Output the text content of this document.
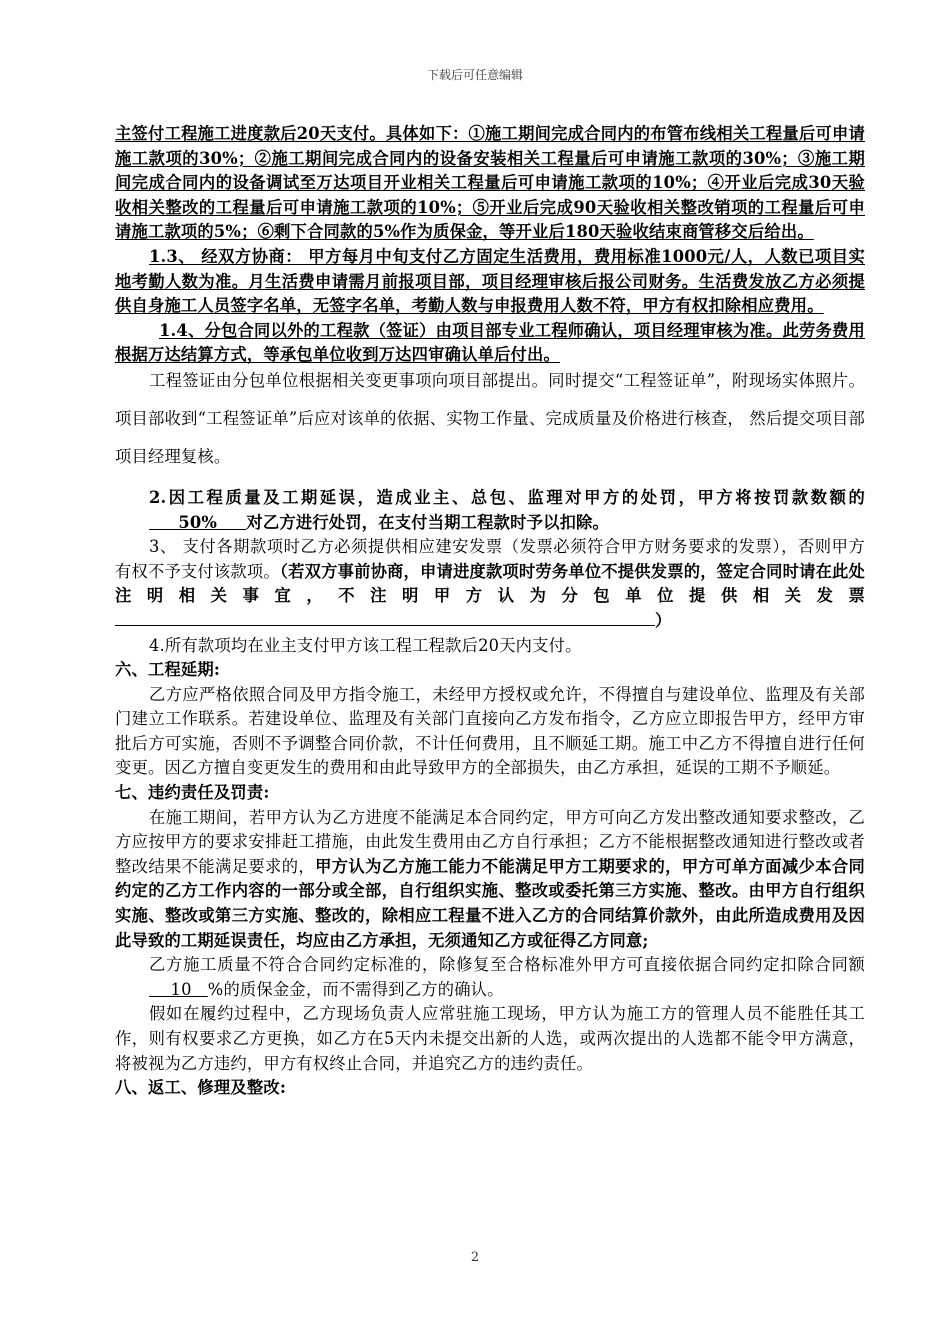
下载后可任意编辑

主签付工程施工进度款后20天支付。具体如下：①施工期间完成合同内的布管布线相关工程量后可申请施工款项的30%；②施工期间完成合同内的设备安装相关工程量后可申请施工款项的30%；③施工期间完成合同内的设备调试至万达项目开业相关工程量后可申请施工款项的10%；④开业后完成30天验收相关整改的工程量后可申请施工款项的10%；⑤开业后完成90天验收相关整改销项的工程量后可申请施工款项的5%；⑥剩下合同款的5%作为质保金，等开业后180天验收结束商管移交后给出。

1.3、 经双方协商： 甲方每月中旬支付乙方固定生活费用，费用标准1000元/人，人数已项目实地考勤人数为准。月生活费申请需月前报项目部，项目经理审核后报公司财务。生活费发放乙方必须提供自身施工人员签字名单，无签字名单，考勤人数与申报费用人数不符，甲方有权扣除相应费用。

1.4、分包合同以外的工程款（签证）由项目部专业工程师确认，项目经理审核为准。此劳务费用根据万达结算方式，等承包单位收到万达四审确认单后付出。

工程签证由分包单位根据相关变更事项向项目部提出。同时提交“工程签证单”，附现场实体照片。项目部收到“工程签证单”后应对该单的依据、实物工作量、完成质量及价格进行核查， 然后提交项目部项目经理复核。

2.因工程质量及工期延误，造成业主、总包、监理对甲方的处罚，甲方将按罚款数额的     50% 对乙方进行处罚，在支付当期工程款时予以扣除。

3、 支付各期款项时乙方必须提供相应建安发票（发票必须符合甲方财务要求的发票），否则甲方有权不予支付该款项。（若双方事前协商，申请进度款项时劳务单位不提供发票的，签定合同时请在此处注明相关事宜，不注明甲方认为分包单位提供相关发票）

4.所有款项均在业主支付甲方该工程工程款后20天内支付。

六、工程延期:

乙方应严格依照合同及甲方指令施工，未经甲方授权或允许，不得擅自与建设单位、监理及有关部门建立工作联系。若建设单位、监理及有关部门直接向乙方发布指令，乙方应立即报告甲方，经甲方审批后方可实施，否则不予调整合同价款，不计任何费用，且不顺延工期。施工中乙方不得擅自进行任何变更。因乙方擅自变更发生的费用和由此导致甲方的全部损失，由乙方承担，延误的工期不予顺延。

七、违约责任及罚责:

在施工期间，若甲方认为乙方进度不能满足本合同约定，甲方可向乙方发出整改通知要求整改，乙方应按甲方的要求安排赶工措施，由此发生费用由乙方自行承担；乙方不能根据整改通知进行整改或者整改结果不能满足要求的，甲方认为乙方施工能力不能满足甲方工期要求的，甲方可单方面减少本合同约定的乙方工作内容的一部分或全部，自行组织实施、整改或委托第三方实施、整改。由甲方自行组织实施、整改或第三方实施、整改的，除相应工程量不进入乙方的合同结算价款外，由此所造成费用及因此导致的工期延误责任，均应由乙方承担，无须通知乙方或征得乙方同意;

乙方施工质量不符合合同约定标准的，除修复至合格标准外甲方可直接依据合同约定扣除合同额    10 %的质保金金，而不需得到乙方的确认。

假如在履约过程中，乙方现场负责人应常驻施工现场，甲方认为施工方的管理人员不能胜任其工作，则有权要求乙方更换，如乙方在5天内未提交出新的人选，或两次提出的人选都不能令甲方满意，将被视为乙方违约，甲方有权终止合同，并追究乙方的违约责任。

八、返工、修理及整改:

2
